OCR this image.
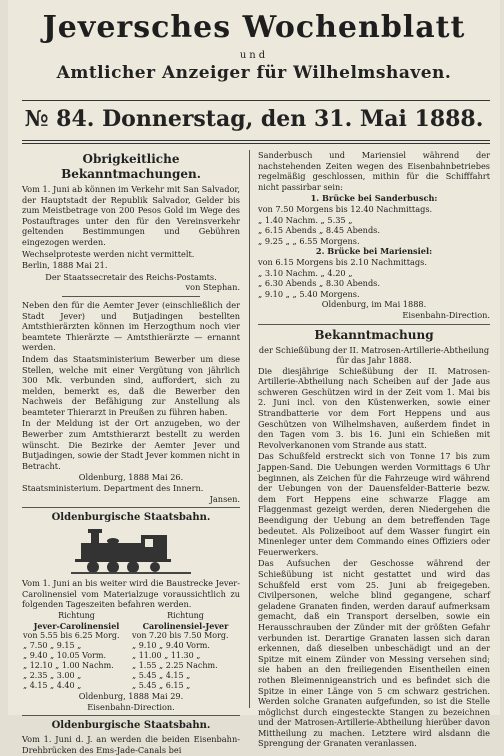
Jeversches Wochenblatt
und
Amtlicher Anzeiger für Wilhelmshaven.
№ 84. Donnerstag, den 31. Mai 1888.
Obrigkeitliche Bekanntmachungen.
Vom 1. Juni ab können im Verkehr mit San Salvador, der Hauptstadt der Republik Salvador, Gelder bis zum Meistbetrage von 200 Pesos Gold im Wege des Postauftrages unter den für den Vereinsverkehr geltenden Bestimmungen und Gebühren eingezogen werden.
Wechselproteste werden nicht vermittelt.
Berlin, 1888 Mai 21.
Der Staatssecretair des Reichs-Postamts.
von Stephan.
Neben den für die Aemter Jever (einschließlich der Stadt Jever) und Butjadingen bestellten Amtsthierärzten können im Herzogthum noch vier beamtete Thierärzte — Amtsthierärzte — ernannt werden.
Indem das Staatsministerium Bewerber um diese Stellen, welche mit einer Vergütung von jährlich 300 Mk. verbunden sind, auffordert, sich zu melden, bemerkt es, daß die Bewerber den Nachweis der Befähigung zur Anstellung als beamteter Thierarzt in Preußen zu führen haben.
In der Meldung ist der Ort anzugeben, wo der Bewerber zum Amtsthierarzt bestellt zu werden wünscht. Die Bezirke der Aemter Jever und Butjadingen, sowie der Stadt Jever kommen nicht in Betracht.
Oldenburg, 1888 Mai 26.
Staatsministerium. Department des Innern.
Jansen.
Oldenburgische Staatsbahn.
Vom 1. Juni an bis weiter wird die Baustrecke Jever-Carolinensiel vom Materialzuge voraussichtlich zu folgenden Tageszeiten befahren werden.
Richtung	Richtung
Jever-Carolinensiel	Carolinensiel-Jever
von 5.55 bis 6.25 Morg.	von 7.20 bis 7.50 Morg.
„ 7.50 „ 9.15 „	„ 9.10 „ 9.40 Vorm.
„ 9.40 „ 10.05 Vorm.	„ 11.00 „ 11.30 „
„ 12.10 „ 1.00 Nachm.	„ 1.55 „ 2.25 Nachm.
„ 2.35 „ 3.00 „	„ 5.45 „ 4.15 „
„ 4.15 „ 4.40 „	„ 5.45 „ 6.15 „
Oldenburg, 1888 Mai 29.
Eisenbahn-Direction.
Oldenburgische Staatsbahn.
Vom 1. Juni d. J. an werden die beiden Eisenbahn-Drehbrücken des Ems-Jade-Canals bei
Sanderbusch und Mariensiel während der nachstehenden Zeiten wegen des Eisenbahnbetriebes regelmäßig geschlossen, mithin für die Schifffahrt nicht passirbar sein:
1. Brücke bei Sanderbusch:
von 7.50 Morgens bis 12.40 Nachmittags.
„ 1.40 Nachm. „ 5.35 „
„ 6.15 Abends „ 8.45 Abends.
„ 9.25 „ „ 6.55 Morgens.
2. Brücke bei Mariensiel:
von 6.15 Morgens bis 2.10 Nachmittags.
„ 3.10 Nachm. „ 4.20 „
„ 6.30 Abends „ 8.30 Abends.
„ 9.10 „ „ 5.40 Morgens.
Oldenburg, im Mai 1888.
Eisenbahn-Direction.
Bekanntmachung
der Schießübung der II. Matrosen-Artillerie-Abtheilung für das Jahr 1888.
Die diesjährige Schießübung der II. Matrosen-Artillerie-Abtheilung nach Scheiben auf der Jade aus schweren Geschützen wird in der Zeit vom 1. Mai bis 2. Juni incl. von den Küstenwerken, sowie einer Strandbatterie vor dem Fort Heppens und aus Geschützen von Wilhelmshaven, außerdem findet in den Tagen vom 3. bis 16. Juni ein Schießen mit Revolverkanonen vom Strande aus statt.
Das Schußfeld erstreckt sich von Tonne 17 bis zum Jappen-Sand. Die Uebungen werden Vormittags 6 Uhr beginnen, als Zeichen für die Fahrzeuge wird während der Uebungen von der Dauensfelder-Batterie bezw. dem Fort Heppens eine schwarze Flagge am Flaggenmast gezeigt werden, deren Niedergehen die Beendigung der Uebung an dem betreffenden Tage bedeutet. Als Polizeiboot auf dem Wasser fungirt ein Minenleger unter dem Commando eines Offiziers oder Feuerwerkers.
Das Aufsuchen der Geschosse während der Schießübung ist nicht gestattet und wird das Schußfeld erst vom 25. Juni ab freigegeben. Civilpersonen, welche blind gegangene, scharf geladene Granaten finden, werden darauf aufmerksam gemacht, daß ein Transport derselben, sowie ein Herausschrauben der Zünder mit der größten Gefahr verbunden ist. Derartige Granaten lassen sich daran erkennen, daß dieselben unbeschädigt und an der Spitze mit einem Zünder von Messing versehen sind; sie haben an den freiliegenden Eisentheilen einen rothen Bleimennigeanstrich und es befindet sich die Spitze in einer Länge von 5 cm schwarz gestrichen. Werden solche Granaten aufgefunden, so ist die Stelle möglichst durch eingesteckte Stangen zu bezeichnen und der Matrosen-Artillerie-Abtheilung hierüber davon Mittheilung zu machen. Letztere wird alsdann die Sprengung der Granaten veranlassen.
